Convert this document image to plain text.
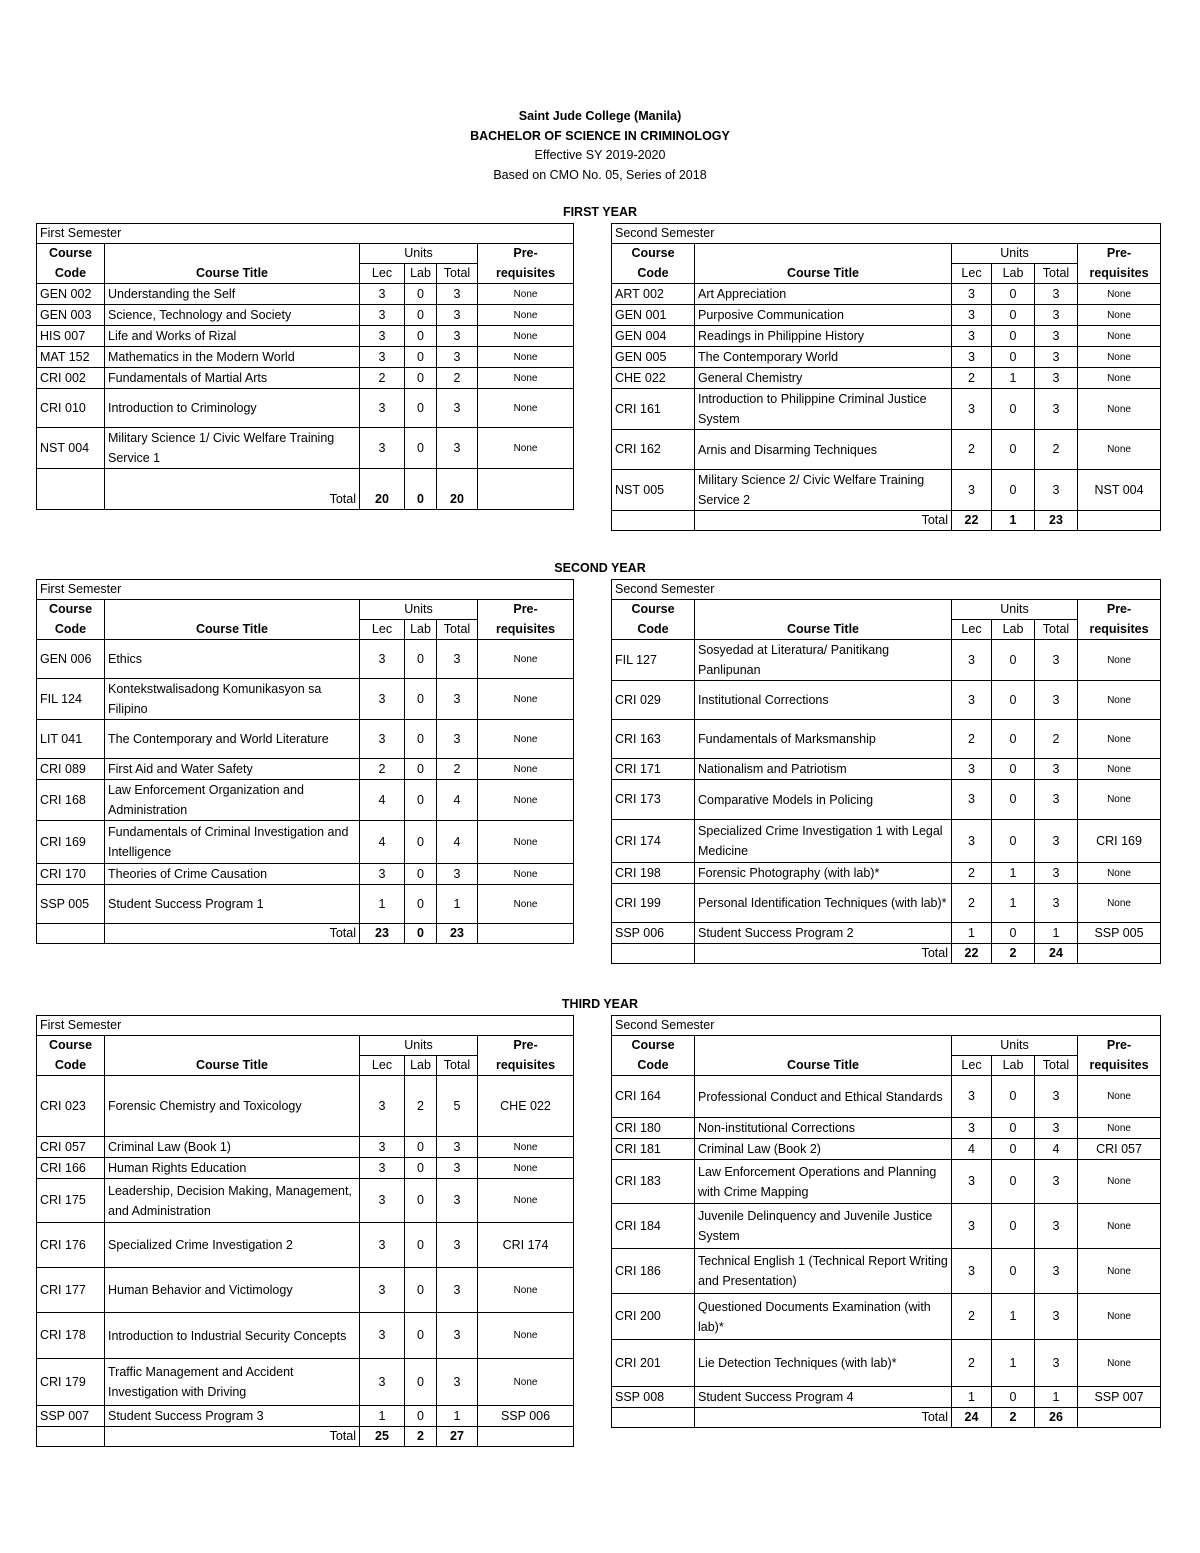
Saint Jude College (Manila)
BACHELOR OF SCIENCE IN CRIMINOLOGY
Effective SY 2019-2020
Based on CMO No. 05, Series of 2018
FIRST YEAR
SECOND YEAR
THIRD YEAR
First Semester					
Course		Units			Pre-
Code	Course Title	Lec	Lab	Total	requisites
GEN 002	Understanding the Self	3	0	3	None
GEN 003	Science, Technology and Society	3	0	3	None
HIS 007	Life and Works of Rizal	3	0	3	None
MAT 152	Mathematics in the Modern World	3	0	3	None
CRI 002	Fundamentals of Martial Arts	2	0	2	None
CRI 010	Introduction to Criminology	3	0	3	None
NST 004	Military Science 1/ Civic Welfare Training Service 1	3	0	3	None
	Total	20	0	20	
Second Semester					
Course		Units			Pre-
Code	Course Title	Lec	Lab	Total	requisites
ART 002	Art Appreciation	3	0	3	None
GEN 001	Purposive Communication	3	0	3	None
GEN 004	Readings in Philippine History	3	0	3	None
GEN 005	The Contemporary World	3	0	3	None
CHE 022	General Chemistry	2	1	3	None
CRI 161	Introduction to Philippine Criminal Justice System	3	0	3	None
CRI 162	Arnis and Disarming Techniques	2	0	2	None
NST 005	Military Science 2/ Civic Welfare Training Service 2	3	0	3	NST 004
	Total	22	1	23	
First Semester					
Course		Units			Pre-
Code	Course Title	Lec	Lab	Total	requisites
GEN 006	Ethics	3	0	3	None
FIL 124	Kontekstwalisadong Komunikasyon sa Filipino	3	0	3	None
LIT 041	The Contemporary and World Literature	3	0	3	None
CRI 089	First Aid and Water Safety	2	0	2	None
CRI 168	Law Enforcement Organization and Administration	4	0	4	None
CRI 169	Fundamentals of Criminal Investigation and Intelligence	4	0	4	None
CRI 170	Theories of Crime Causation	3	0	3	None
SSP 005	Student Success Program 1	1	0	1	None
	Total	23	0	23	
Second Semester					
Course		Units			Pre-
Code	Course Title	Lec	Lab	Total	requisites
FIL 127	Sosyedad at Literatura/ Panitikang Panlipunan	3	0	3	None
CRI 029	Institutional Corrections	3	0	3	None
CRI 163	Fundamentals of Marksmanship	2	0	2	None
CRI 171	Nationalism and Patriotism	3	0	3	None
CRI 173	Comparative Models in Policing	3	0	3	None
CRI 174	Specialized Crime Investigation 1 with Legal Medicine	3	0	3	CRI 169
CRI 198	Forensic Photography (with lab)*	2	1	3	None
CRI 199	Personal Identification Techniques (with lab)*	2	1	3	None
SSP 006	Student Success Program 2	1	0	1	SSP 005
	Total	22	2	24	
First Semester					
Course		Units			Pre-
Code	Course Title	Lec	Lab	Total	requisites
CRI 023	Forensic Chemistry and Toxicology	3	2	5	CHE 022
CRI 057	Criminal Law (Book 1)	3	0	3	None
CRI 166	Human Rights Education	3	0	3	None
CRI 175	Leadership, Decision Making, Management, and Administration	3	0	3	None
CRI 176	Specialized Crime Investigation 2	3	0	3	CRI 174
CRI 177	Human Behavior and Victimology	3	0	3	None
CRI 178	Introduction to Industrial Security Concepts	3	0	3	None
CRI 179	Traffic Management and Accident Investigation with Driving	3	0	3	None
SSP 007	Student Success Program 3	1	0	1	SSP 006
	Total	25	2	27	
Second Semester					
Course		Units			Pre-
Code	Course Title	Lec	Lab	Total	requisites
CRI 164	Professional Conduct and Ethical Standards	3	0	3	None
CRI 180	Non-institutional Corrections	3	0	3	None
CRI 181	Criminal Law (Book 2)	4	0	4	CRI 057
CRI 183	Law Enforcement Operations and Planning with Crime Mapping	3	0	3	None
CRI 184	Juvenile Delinquency and Juvenile Justice System	3	0	3	None
CRI 186	Technical English 1 (Technical Report Writing and Presentation)	3	0	3	None
CRI 200	Questioned Documents Examination (with lab)*	2	1	3	None
CRI 201	Lie Detection Techniques (with lab)*	2	1	3	None
SSP 008	Student Success Program 4	1	0	1	SSP 007
	Total	24	2	26	
